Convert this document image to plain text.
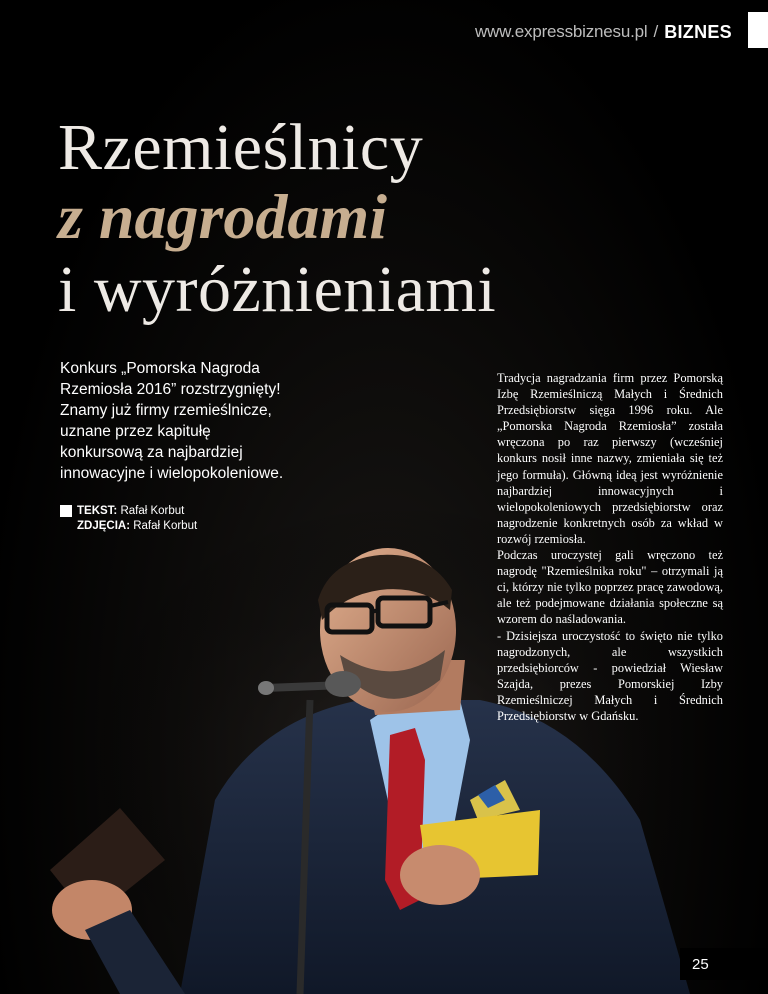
www.expressbiznesu.pl / BIZNES
Rzemieślnicy
z nagrodami
i wyróżnieniami

Konkurs „Pomorska Nagroda Rzemiosła 2016” rozstrzygnięty! Znamy już firmy rzemieślnicze, uznane przez kapitułę konkursową za najbardziej innowacyjne i wielopokoleniowe.

TEKST: Rafał Korbut
ZDJĘCIA: Rafał Korbut

Tradycja nagradzania firm przez Pomorską Izbę Rzemieślniczą Małych i Średnich Przedsiębiorstw sięga 1996 roku. Ale „Pomorska Nagroda Rzemiosła” została wręczona po raz pierwszy (wcześniej konkurs nosił inne nazwy, zmieniała się też jego formuła). Główną ideą jest wyróżnienie najbardziej innowacyjnych i wielopokoleniowych przedsiębiorstw oraz nagrodzenie konkretnych osób za wkład w rozwój rzemiosła.

Podczas uroczystej gali wręczono też nagrodę "Rzemieślnika roku" – otrzymali ją ci, którzy nie tylko poprzez pracę zawodową, ale też podejmowane działania społeczne są wzorem do naśladowania.

- Dzisiejsza uroczystość to święto nie tylko nagrodzonych, ale wszystkich przedsiębiorców - powiedział Wiesław Szajda, prezes Pomorskiej Izby Rzemieślniczej Małych i Średnich Przedsiębiorstw w Gdańsku.

25
